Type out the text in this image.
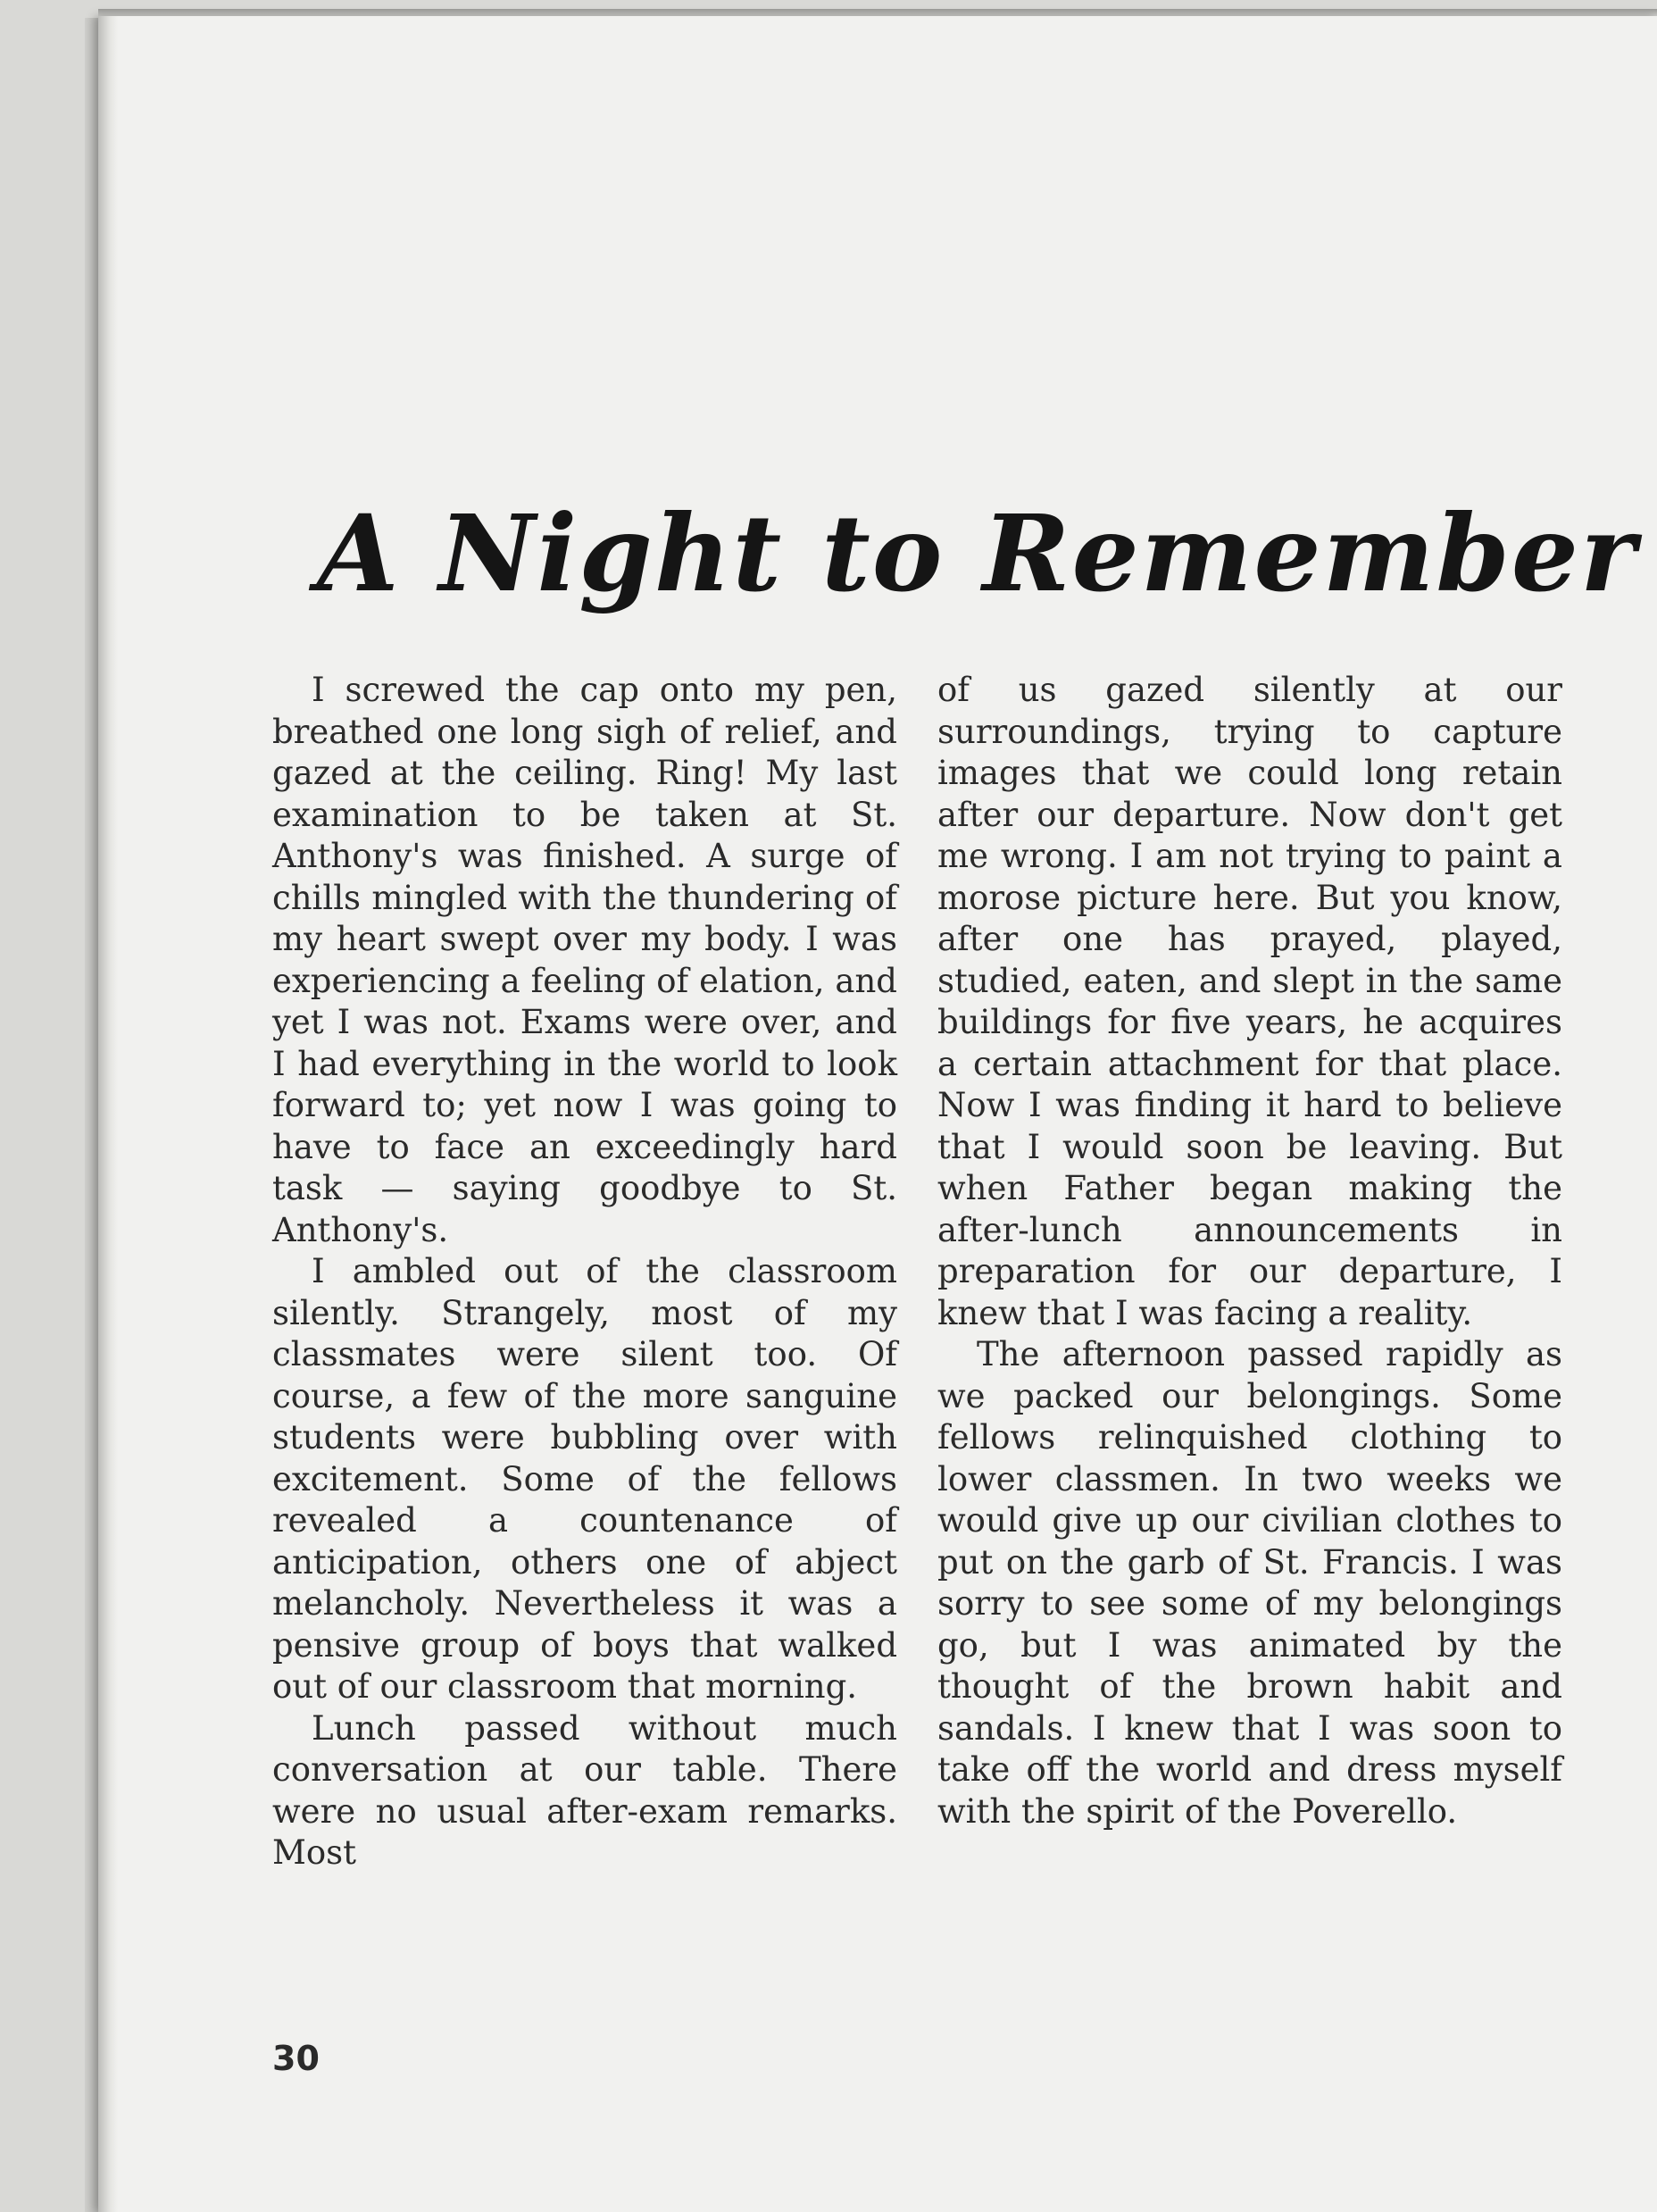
A Night to Remember

I screwed the cap onto my pen, breathed one long sigh of relief, and gazed at the ceiling. Ring! My last examination to be taken at St. Anthony's was finished. A surge of chills mingled with the thundering of my heart swept over my body. I was experiencing a feeling of elation, and yet I was not. Exams were over, and I had everything in the world to look forward to; yet now I was going to have to face an exceedingly hard task — saying goodbye to St. Anthony's.

I ambled out of the classroom silently. Strangely, most of my classmates were silent too. Of course, a few of the more sanguine students were bubbling over with excitement. Some of the fellows revealed a countenance of anticipation, others one of abject melancholy. Nevertheless it was a pensive group of boys that walked out of our classroom that morning.

Lunch passed without much conversation at our table. There were no usual after-exam remarks. Most

of us gazed silently at our surroundings, trying to capture images that we could long retain after our departure. Now don't get me wrong. I am not trying to paint a morose picture here. But you know, after one has prayed, played, studied, eaten, and slept in the same buildings for five years, he acquires a certain attachment for that place. Now I was finding it hard to believe that I would soon be leaving. But when Father began making the after-lunch announcements in preparation for our departure, I knew that I was facing a reality.

The afternoon passed rapidly as we packed our belongings. Some fellows relinquished clothing to lower classmen. In two weeks we would give up our civilian clothes to put on the garb of St. Francis. I was sorry to see some of my belongings go, but I was animated by the thought of the brown habit and sandals. I knew that I was soon to take off the world and dress myself with the spirit of the Poverello.

30
